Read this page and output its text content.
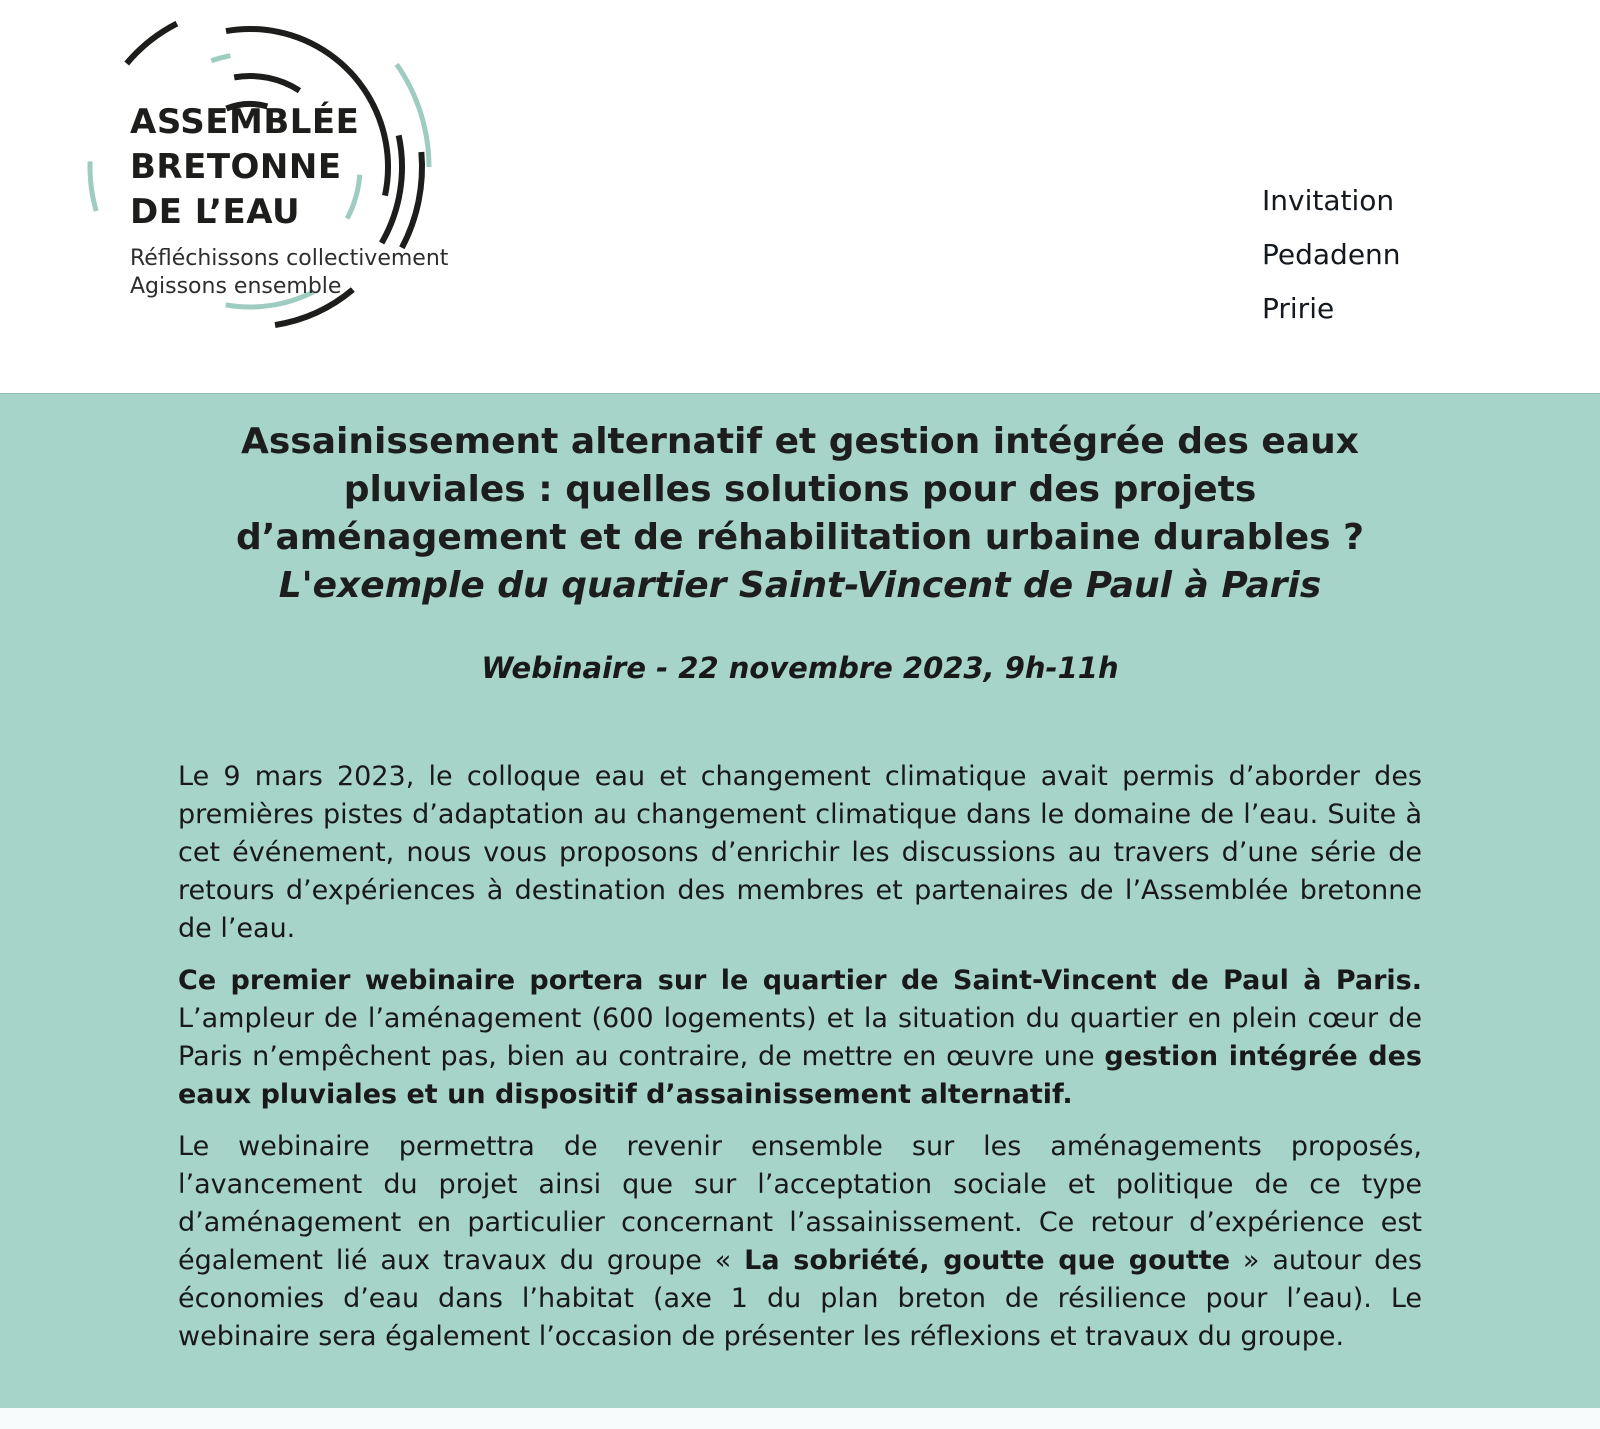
ASSEMBLÉE
BRETONNE
DE L’EAU
Réfléchissons collectivement
Agissons ensemble
Invitation
Pedadenn
Pririe
Assainissement alternatif et gestion intégrée des eaux
pluviales : quelles solutions pour des projets
d’aménagement et de réhabilitation urbaine durables ?
L'exemple du quartier Saint-Vincent de Paul à Paris
Webinaire - 22 novembre 2023, 9h-11h

Le 9 mars 2023, le colloque eau et changement climatique avait permis d’aborder des premières pistes d’adaptation au changement climatique dans le domaine de l’eau. Suite à cet événement, nous vous proposons d’enrichir les discussions au travers d’une série de retours d’expériences à destination des membres et partenaires de l’Assemblée bretonne de l’eau.

Ce premier webinaire portera sur le quartier de Saint-Vincent de Paul à Paris. L’ampleur de l’aménagement (600 logements) et la situation du quartier en plein cœur de Paris n’empêchent pas, bien au contraire, de mettre en œuvre une gestion intégrée des eaux pluviales et un dispositif d’assainissement alternatif.

Le webinaire permettra de revenir ensemble sur les aménagements proposés, l’avancement du projet ainsi que sur l’acceptation sociale et politique de ce type d’aménagement en particulier concernant l’assainissement. Ce retour d’expérience est également lié aux travaux du groupe « La sobriété, goutte que goutte » autour des économies d’eau dans l’habitat (axe 1 du plan breton de résilience pour l’eau). Le webinaire sera également l’occasion de présenter les réflexions et travaux du groupe.
